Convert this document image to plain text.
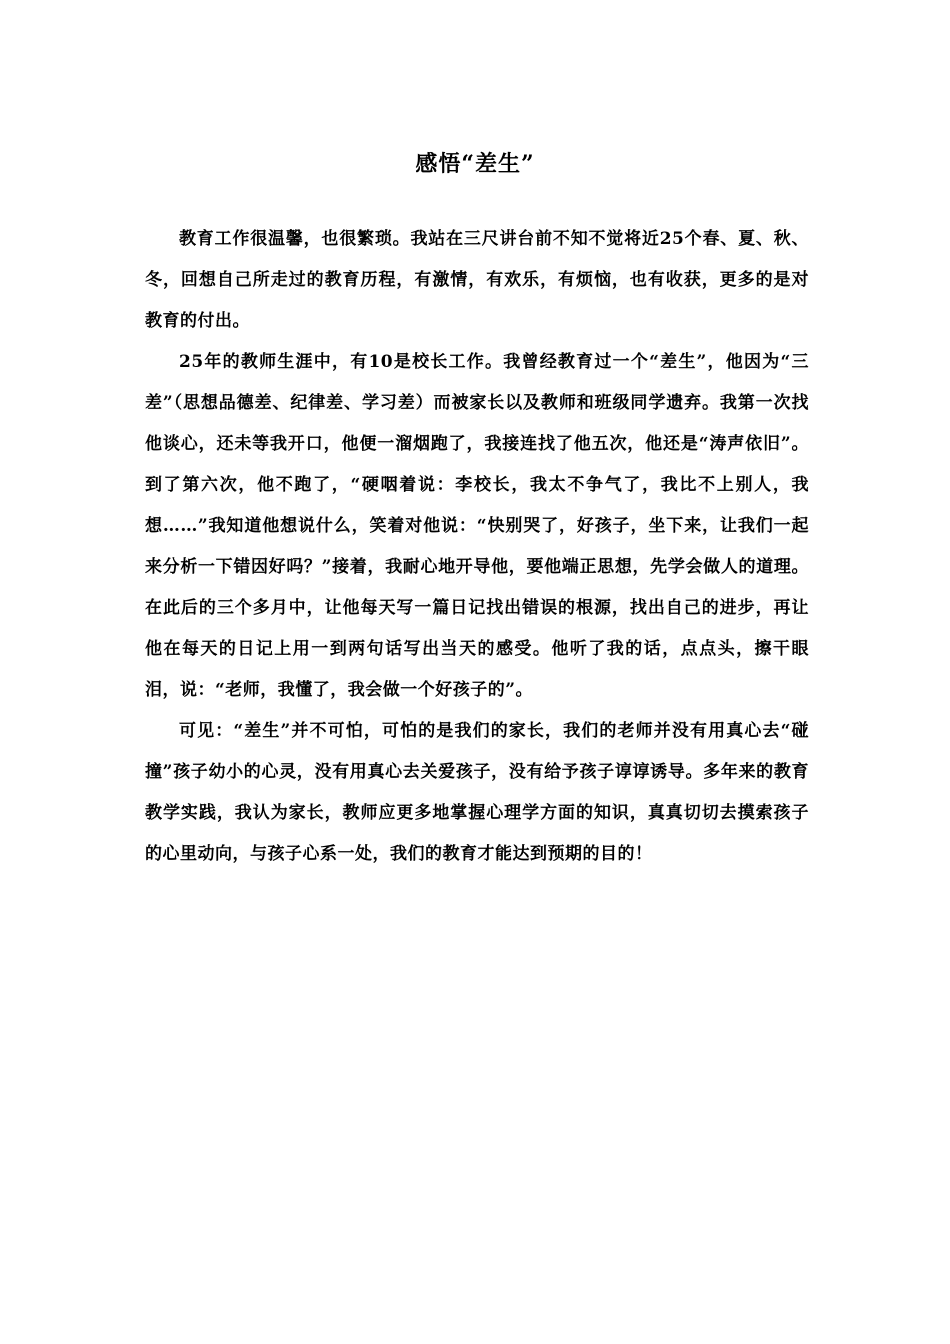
感悟“差生”

教育工作很温馨，也很繁琐。我站在三尺讲台前不知不觉将近25个春、夏、秋、冬，回想自己所走过的教育历程，有激情，有欢乐，有烦恼，也有收获，更多的是对教育的付出。

25年的教师生涯中，有10是校长工作。我曾经教育过一个“差生”，他因为“三差”（思想品德差、纪律差、学习差）而被家长以及教师和班级同学遗弃。我第一次找他谈心，还未等我开口，他便一溜烟跑了，我接连找了他五次，他还是“涛声依旧”。到了第六次，他不跑了，“硬咽着说：李校长，我太不争气了，我比不上别人，我想……”我知道他想说什么，笑着对他说：“快别哭了，好孩子，坐下来，让我们一起来分析一下错因好吗？”接着，我耐心地开导他，要他端正思想，先学会做人的道理。在此后的三个多月中，让他每天写一篇日记找出错误的根源，找出自己的进步，再让他在每天的日记上用一到两句话写出当天的感受。他听了我的话，点点头，擦干眼泪，说：“老师，我懂了，我会做一个好孩子的”。

可见：“差生”并不可怕，可怕的是我们的家长，我们的老师并没有用真心去“碰撞”孩子幼小的心灵，没有用真心去关爱孩子，没有给予孩子谆谆诱导。多年来的教育教学实践，我认为家长，教师应更多地掌握心理学方面的知识，真真切切去摸索孩子的心里动向，与孩子心系一处，我们的教育才能达到预期的目的！
